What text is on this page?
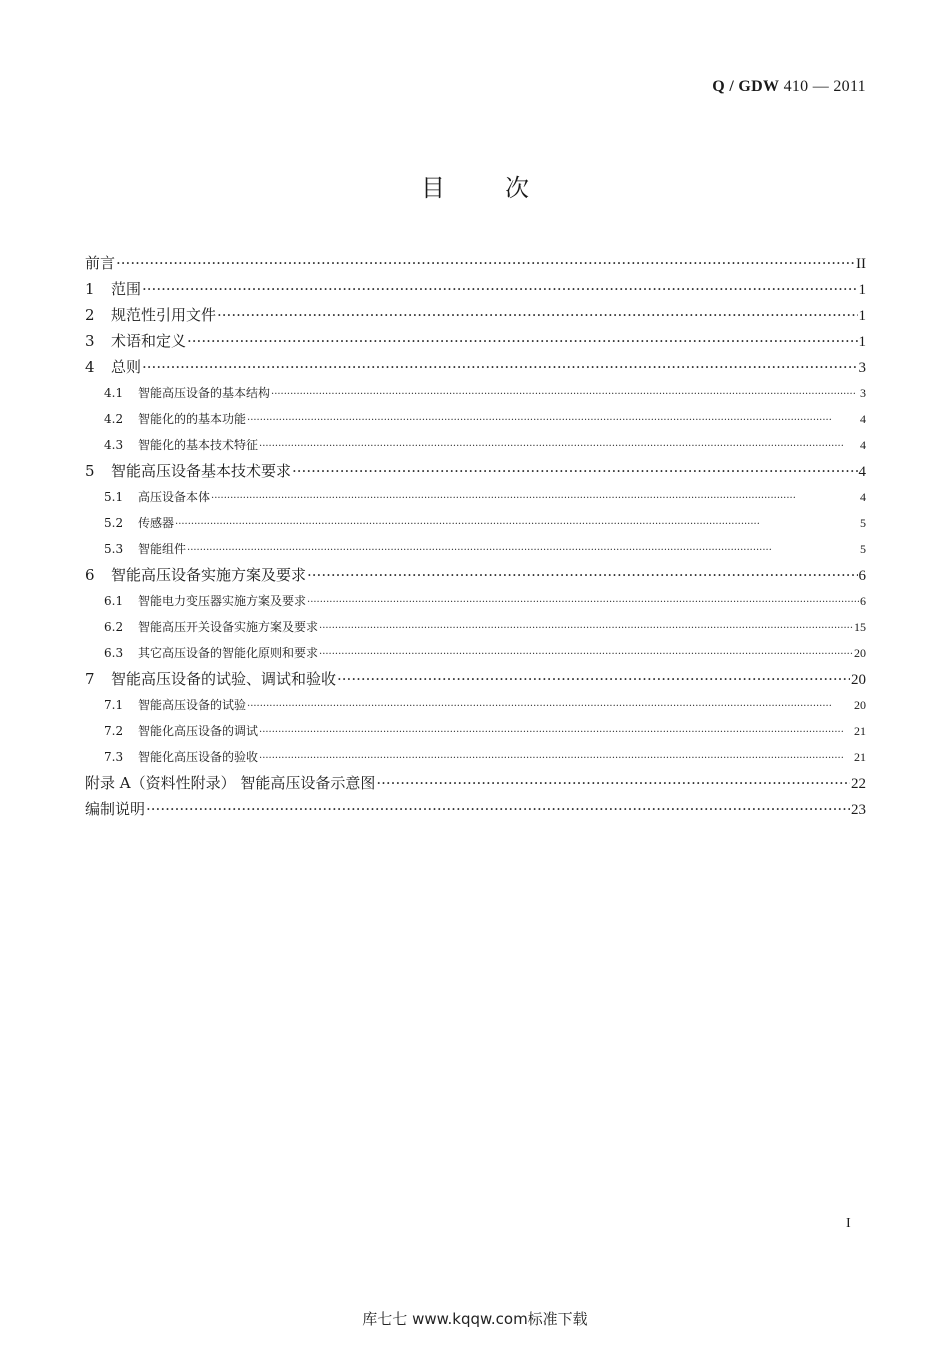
Q / GDW 410 — 2011
目	次
前言 ·····	II
1	范围 ·····	1
2	规范性引用文件 ·····	1
3	术语和定义 ·····	1
4	总则 ·····	3
4.1	智能高压设备的基本结构 ·····	3
4.2	智能化的的基本功能 ·····	4
4.3	智能化的基本技术特征 ·····	4
5	智能高压设备基本技术要求 ·····	4
5.1	高压设备本体 ·····	4
5.2	传感器 ·····	5
5.3	智能组件 ·····	5
6	智能高压设备实施方案及要求 ·····	6
6.1	智能电力变压器实施方案及要求 ·····	6
6.2	智能高压开关设备实施方案及要求 ·····	15
6.3	其它高压设备的智能化原则和要求 ·····	20
7	智能高压设备的试验、调试和验收 ·····	20
7.1	智能高压设备的试验 ·····	20
7.2	智能化高压设备的调试 ·····	21
7.3	智能化高压设备的验收 ·····	21
附录 A（资料性附录） 智能高压设备示意图 ·····	22
编制说明 ·····	23
I
库七七 www.kqqw.com标准下载
